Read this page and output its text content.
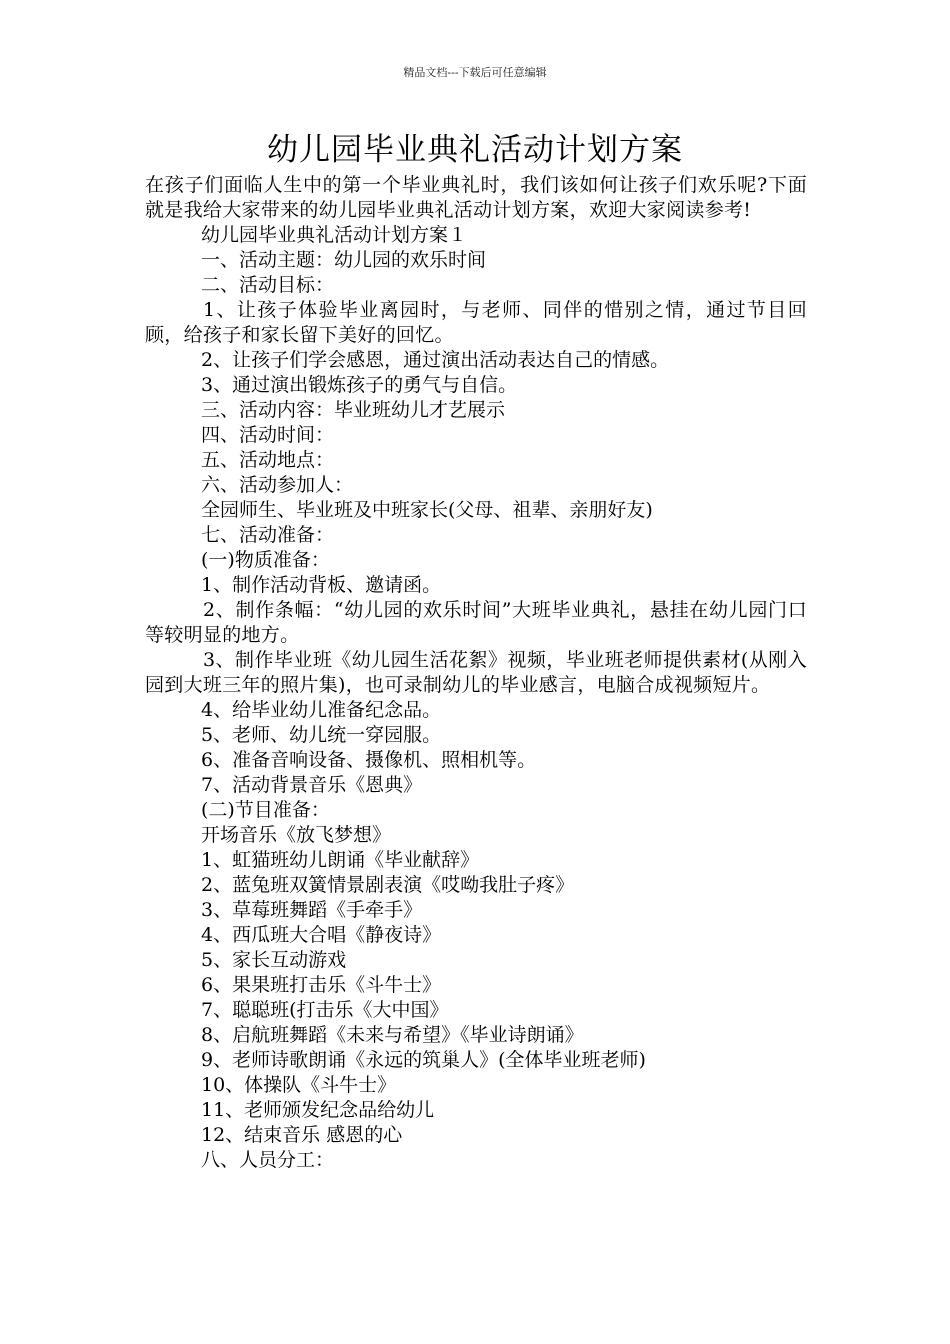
精品文档---下载后可任意编辑
幼儿园毕业典礼活动计划方案

在孩子们面临人生中的第一个毕业典礼时，我们该如何让孩子们欢乐呢?下面就是我给大家带来的幼儿园毕业典礼活动计划方案，欢迎大家阅读参考!

幼儿园毕业典礼活动计划方案１

一、活动主题：幼儿园的欢乐时间

二、活动目标：

1、让孩子体验毕业离园时，与老师、同伴的惜别之情，通过节目回顾，给孩子和家长留下美好的回忆。

2、让孩子们学会感恩，通过演出活动表达自己的情感。

3、通过演出锻炼孩子的勇气与自信。

三、活动内容：毕业班幼儿才艺展示

四、活动时间：

五、活动地点：

六、活动参加人：

全园师生、毕业班及中班家长(父母、祖辈、亲朋好友)

七、活动准备：

(一)物质准备：

1、制作活动背板、邀请函。

2、制作条幅：“幼儿园的欢乐时间”大班毕业典礼，悬挂在幼儿园门口等较明显的地方。

3、制作毕业班《幼儿园生活花絮》视频，毕业班老师提供素材(从刚入园到大班三年的照片集)，也可录制幼儿的毕业感言，电脑合成视频短片。

4、给毕业幼儿准备纪念品。

5、老师、幼儿统一穿园服。

6、准备音响设备、摄像机、照相机等。

7、活动背景音乐《恩典》

(二)节目准备：

开场音乐《放飞梦想》

1、虹猫班幼儿朗诵《毕业献辞》

2、蓝兔班双簧情景剧表演《哎呦我肚子疼》

3、草莓班舞蹈《手牵手》

4、西瓜班大合唱《静夜诗》

5、家长互动游戏

6、果果班打击乐《斗牛士》

7、聪聪班(打击乐《大中国》

8、启航班舞蹈《未来与希望》《毕业诗朗诵》

9、老师诗歌朗诵《永远的筑巢人》(全体毕业班老师)

10、体操队《斗牛士》

11、老师颁发纪念品给幼儿

12、结束音乐 感恩的心

八、人员分工：
